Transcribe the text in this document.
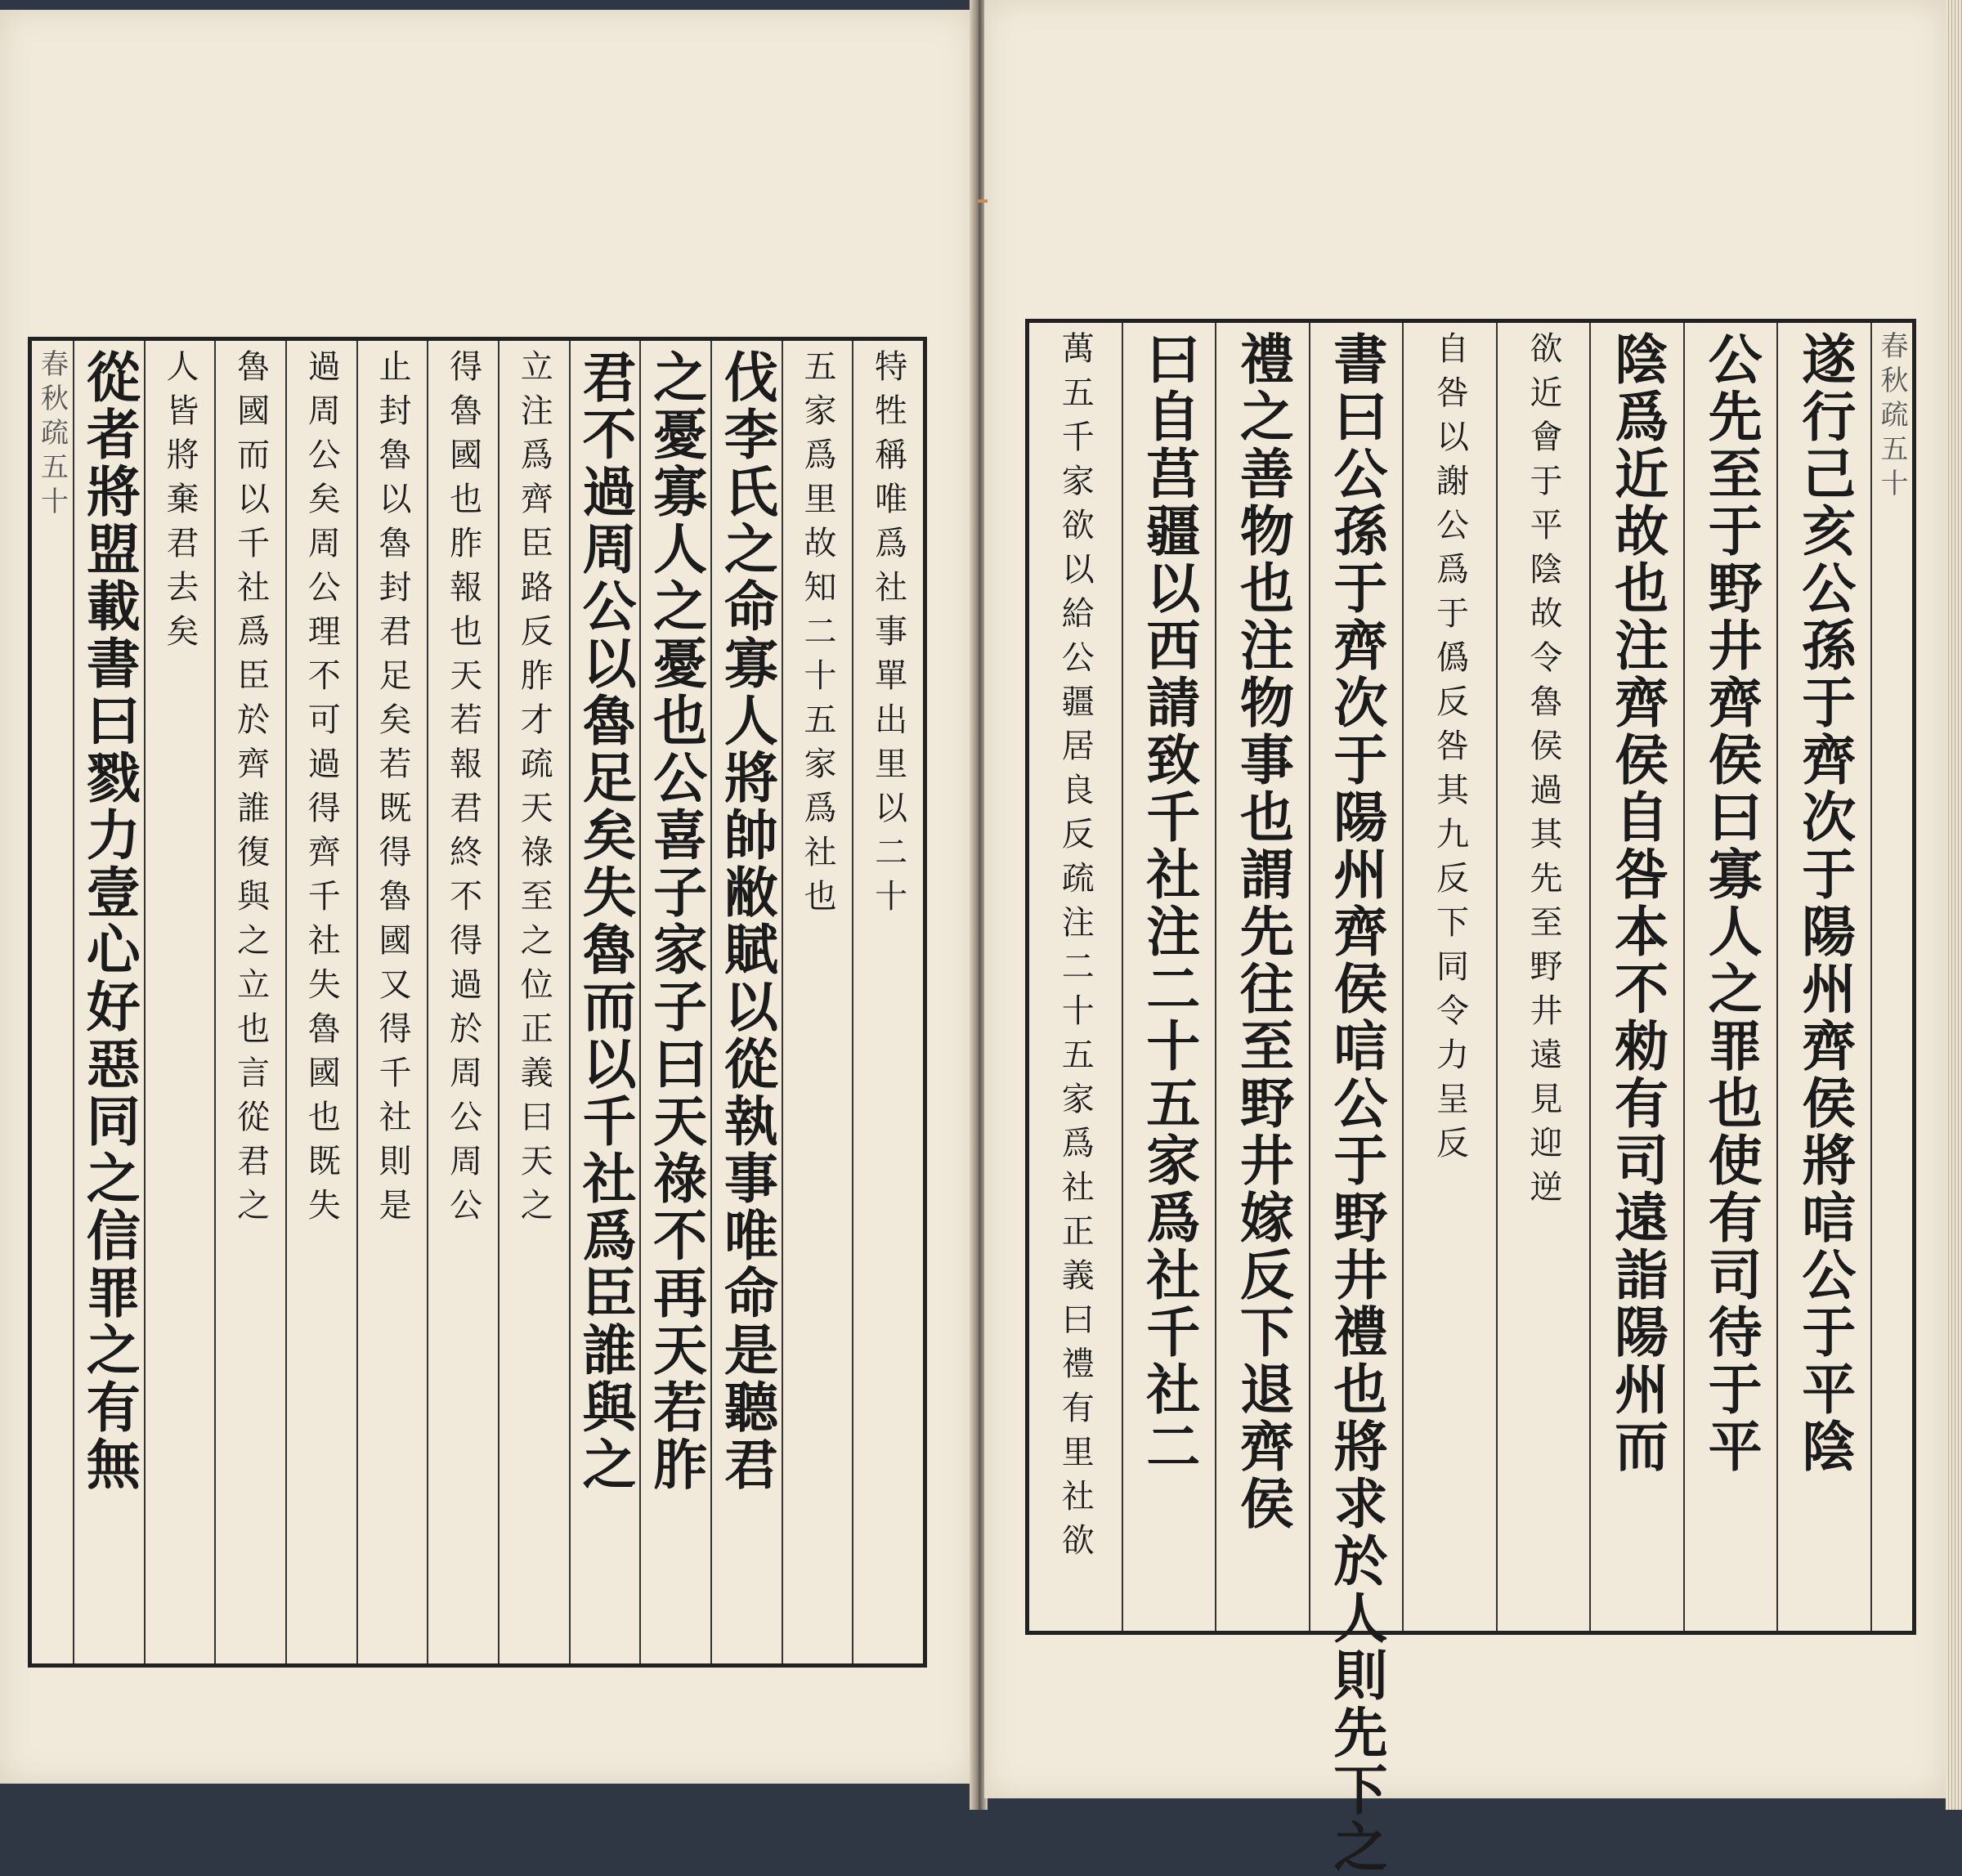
特牲稱唯爲社事單出里以二十
五家爲里故知二十五家爲社也
伐李氏之命寡人將帥敝賦以從執事唯命是聽君
之憂寡人之憂也公喜子家子曰天祿不再天若胙
君不過周公以魯足矣失魯而以千社爲臣誰與之
立注爲齊臣路反胙才疏天祿至之位正義曰天之
得魯國也胙報也天若報君終不得過於周公周公
止封魯以魯封君足矣若既得魯國又得千社則是
過周公矣周公理不可過得齊千社失魯國也既失
魯國而以千社爲臣於齊誰復與之立也言從君之
人皆將棄君去矣
從者將盟載書曰戮力壹心好惡同之信罪之有無
春秋疏五十	春秋疏五十
遂行己亥公孫于齊次于陽州齊侯將唁公于平陰
公先至于野井齊侯曰寡人之罪也使有司待于平
陰爲近故也注齊侯自咎本不勑有司遠詣陽州而
欲近會于平陰故令魯侯過其先至野井遠見迎逆
自咎以謝公爲于僞反咎其九反下同令力呈反
書曰公孫于齊次于陽州齊侯唁公于野井禮也將求於人則先下之
禮之善物也注物事也謂先往至野井嫁反下退齊侯
曰自莒疆以西請致千社注二十五家爲社千社二
萬五千家欲以給公疆居良反疏注二十五家爲社正義曰禮有里社欲
